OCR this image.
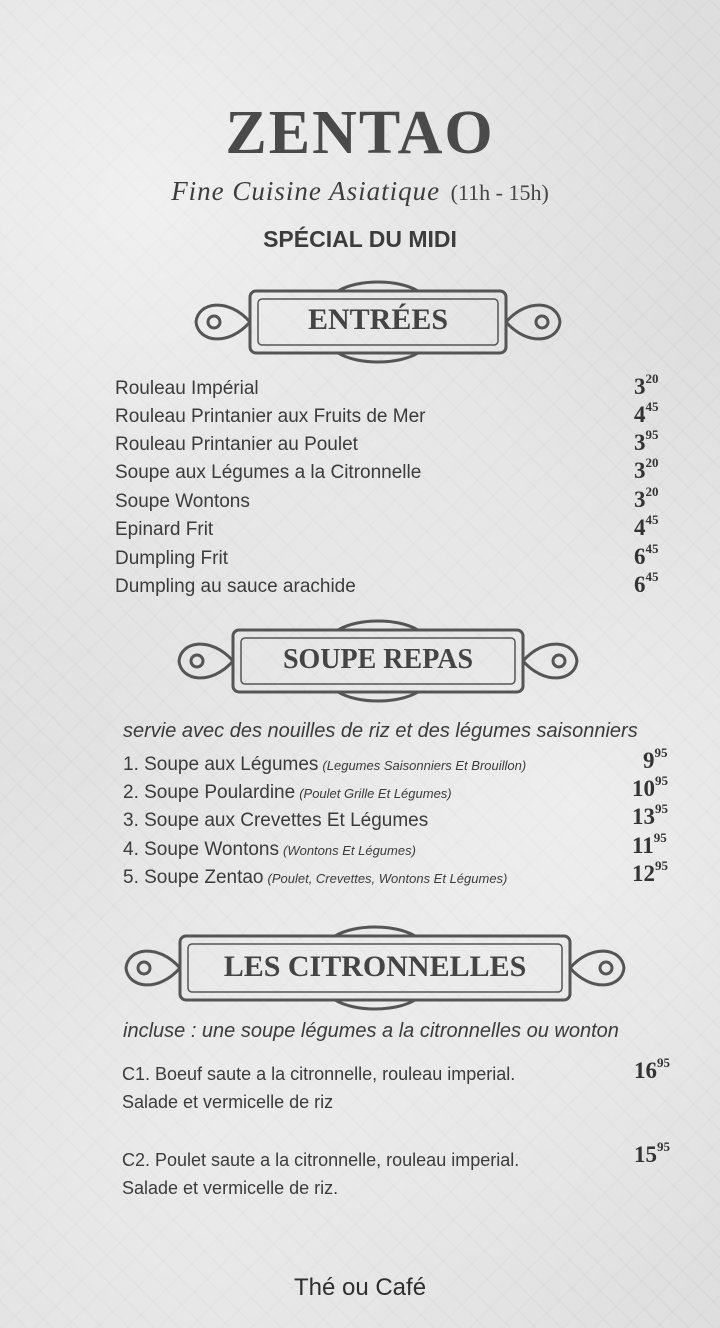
ZENTAO
Fine Cuisine Asiatique (11h - 15h)
SPÉCIAL DU MIDI
ENTRÉES
Rouleau Impérial	$3^{20}$
Rouleau Printanier aux Fruits de Mer	$4^{45}$
Rouleau Printanier au Poulet	$3^{95}$
Soupe aux Légumes a la Citronnelle	$3^{20}$
Soupe Wontons	$3^{20}$
Epinard Frit	$4^{45}$
Dumpling Frit	$6^{45}$
Dumpling au sauce arachide	$6^{45}$
SOUPE REPAS
servie avec des nouilles de riz et des légumes saisonniers
1. Soupe aux Légumes (Legumes Saisonniers Et Brouillon)	$9^{95}$
2. Soupe Poulardine (Poulet Grille Et Légumes)	$10^{95}$
3. Soupe aux Crevettes Et Légumes	$13^{95}$
4. Soupe Wontons (Wontons Et Légumes)	$11^{95}$
5. Soupe Zentao (Poulet, Crevettes, Wontons Et Légumes)	$12^{95}$
LES CITRONNELLES
incluse : une soupe légumes a la citronnelles ou wonton
C1. Boeuf saute a la citronnelle, rouleau imperial.
Salade et vermicelle de riz
$16^{95}$
C2. Poulet saute a la citronnelle, rouleau imperial.
Salade et vermicelle de riz.
$15^{95}$
Thé ou Café
